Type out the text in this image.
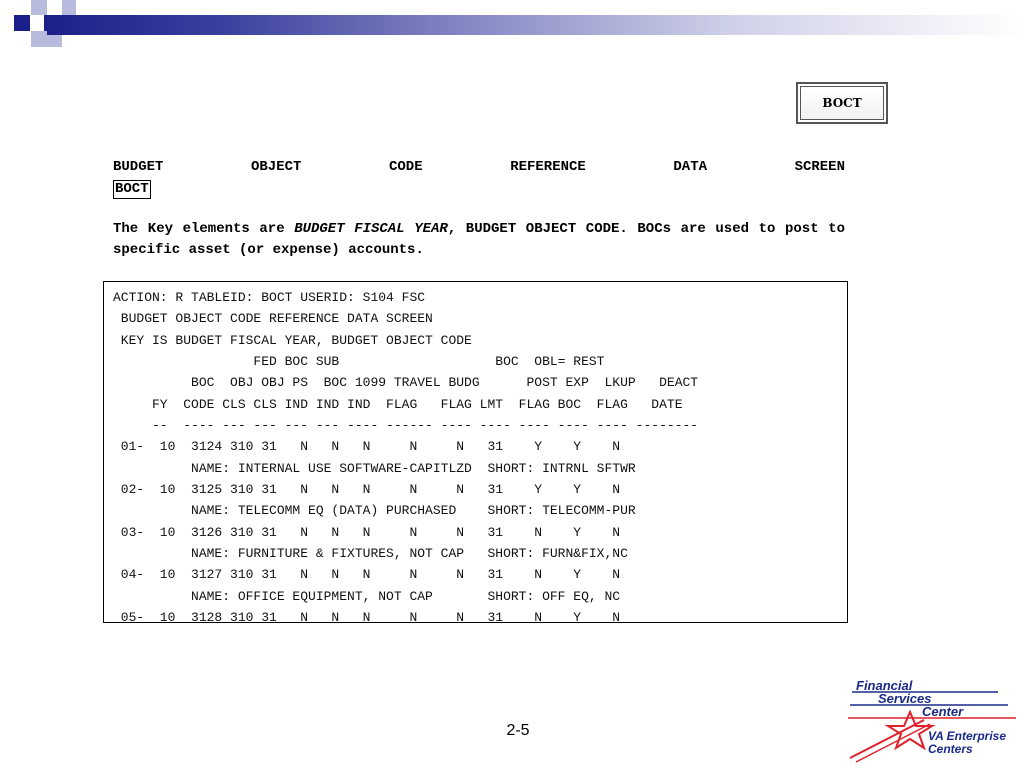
BOCT
BUDGET	OBJECT	CODE	REFERENCE	DATA	SCREEN
BOCT
The Key elements are BUDGET FISCAL YEAR, BUDGET OBJECT CODE. BOCs are used to post to specific asset (or expense) accounts.
ACTION: R TABLEID: BOCT USERID: S104 FSC
BUDGET OBJECT CODE REFERENCE DATA SCREEN
KEY IS BUDGET FISCAL YEAR, BUDGET OBJECT CODE
FED BOC SUB                    BOC  OBL= REST
BOC  OBJ OBJ PS  BOC 1099 TRAVEL BUDG      POST EXP  LKUP   DEACT
FY  CODE CLS CLS IND IND IND  FLAG   FLAG LMT  FLAG BOC  FLAG   DATE
--  ---- --- --- --- --- ---- ------ ---- ---- ---- ---- ---- --------
01-  10  3124 310 31   N   N   N     N     N   31    Y    Y    N
NAME: INTERNAL USE SOFTWARE-CAPITLZD  SHORT: INTRNL SFTWR
02-  10  3125 310 31   N   N   N     N     N   31    Y    Y    N
NAME: TELECOMM EQ (DATA) PURCHASED    SHORT: TELECOMM-PUR
03-  10  3126 310 31   N   N   N     N     N   31    N    Y    N
NAME: FURNITURE & FIXTURES, NOT CAP   SHORT: FURN&FIX,NC
04-  10  3127 310 31   N   N   N     N     N   31    N    Y    N
NAME: OFFICE EQUIPMENT, NOT CAP       SHORT: OFF EQ, NC
05-  10  3128 310 31   N   N   N     N     N   31    N    Y    N
2-5
Financial
Services
Center
VA Enterprise
Centers
